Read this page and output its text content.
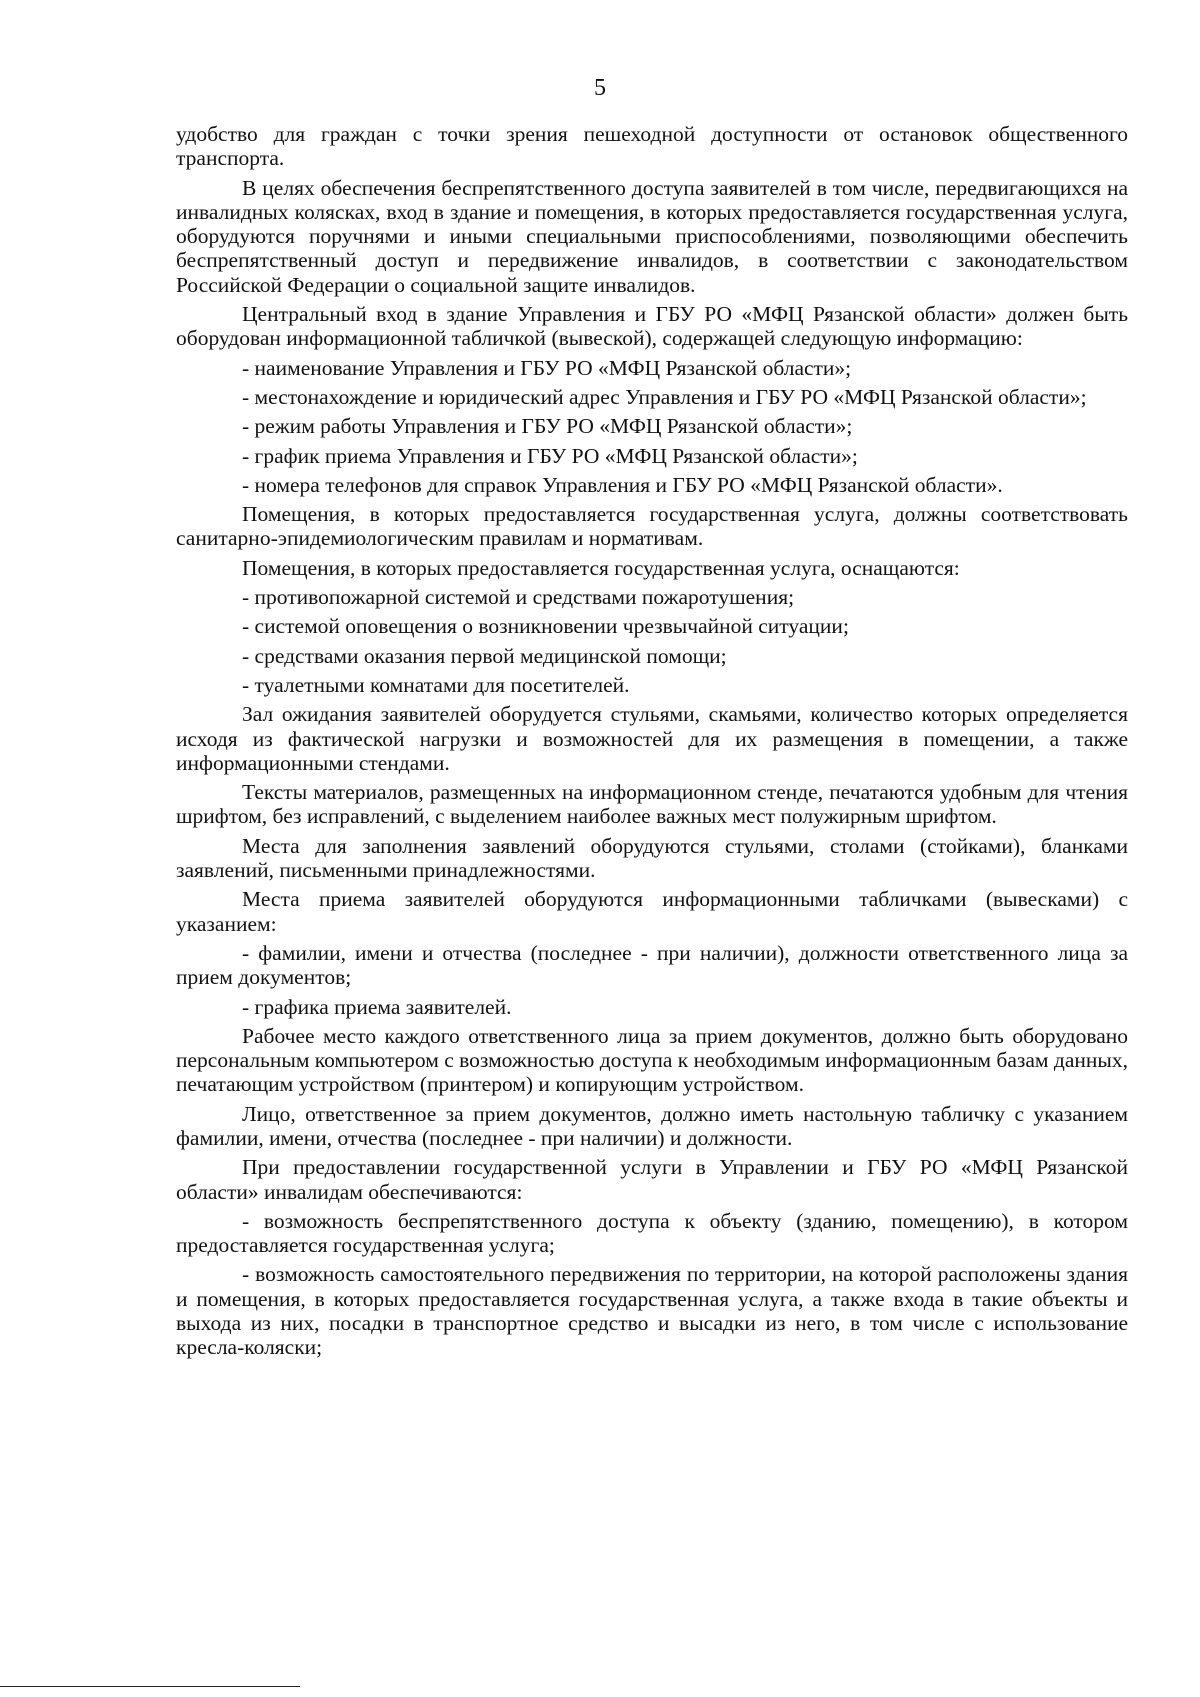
5

удобство для граждан с точки зрения пешеходной доступности от остановок общественного транспорта.

В целях обеспечения беспрепятственного доступа заявителей в том числе, передвигающихся на инвалидных колясках, вход в здание и помещения, в которых предоставляется государственная услуга, оборудуются поручнями и иными специальными приспособлениями, позволяющими обеспечить беспрепятственный доступ и передвижение инвалидов, в соответствии с законодательством Российской Федерации о социальной защите инвалидов.

Центральный вход в здание Управления и ГБУ РО «МФЦ Рязанской области» должен быть оборудован информационной табличкой (вывеской), содержащей следующую информацию:

- наименование Управления и ГБУ РО «МФЦ Рязанской области»;

- местонахождение и юридический адрес Управления и ГБУ РО «МФЦ Рязанской области»;

- режим работы Управления и ГБУ РО «МФЦ Рязанской области»;

- график приема Управления и ГБУ РО «МФЦ Рязанской области»;

- номера телефонов для справок Управления и ГБУ РО «МФЦ Рязанской области».

Помещения, в которых предоставляется государственная услуга, должны соответствовать санитарно-эпидемиологическим правилам и нормативам.

Помещения, в которых предоставляется государственная услуга, оснащаются:

- противопожарной системой и средствами пожаротушения;

- системой оповещения о возникновении чрезвычайной ситуации;

- средствами оказания первой медицинской помощи;

- туалетными комнатами для посетителей.

Зал ожидания заявителей оборудуется стульями, скамьями, количество которых определяется исходя из фактической нагрузки и возможностей для их размещения в помещении, а также информационными стендами.

Тексты материалов, размещенных на информационном стенде, печатаются удобным для чтения шрифтом, без исправлений, с выделением наиболее важных мест полужирным шрифтом.

Места для заполнения заявлений оборудуются стульями, столами (стойками), бланками заявлений, письменными принадлежностями.

Места приема заявителей оборудуются информационными табличками (вывесками) с указанием:

- фамилии, имени и отчества (последнее - при наличии), должности ответственного лица за прием документов;

- графика приема заявителей.

Рабочее место каждого ответственного лица за прием документов, должно быть оборудовано персональным компьютером с возможностью доступа к необходимым информационным базам данных, печатающим устройством (принтером) и копирующим устройством.

Лицо, ответственное за прием документов, должно иметь настольную табличку с указанием фамилии, имени, отчества (последнее - при наличии) и должности.

При предоставлении государственной услуги в Управлении и ГБУ РО «МФЦ Рязанской области» инвалидам обеспечиваются:

- возможность беспрепятственного доступа к объекту (зданию, помещению), в котором предоставляется государственная услуга;

- возможность самостоятельного передвижения по территории, на которой расположены здания и помещения, в которых предоставляется государственная услуга, а также входа в такие объекты и выхода из них, посадки в транспортное средство и высадки из него, в том числе с использование кресла-коляски;
